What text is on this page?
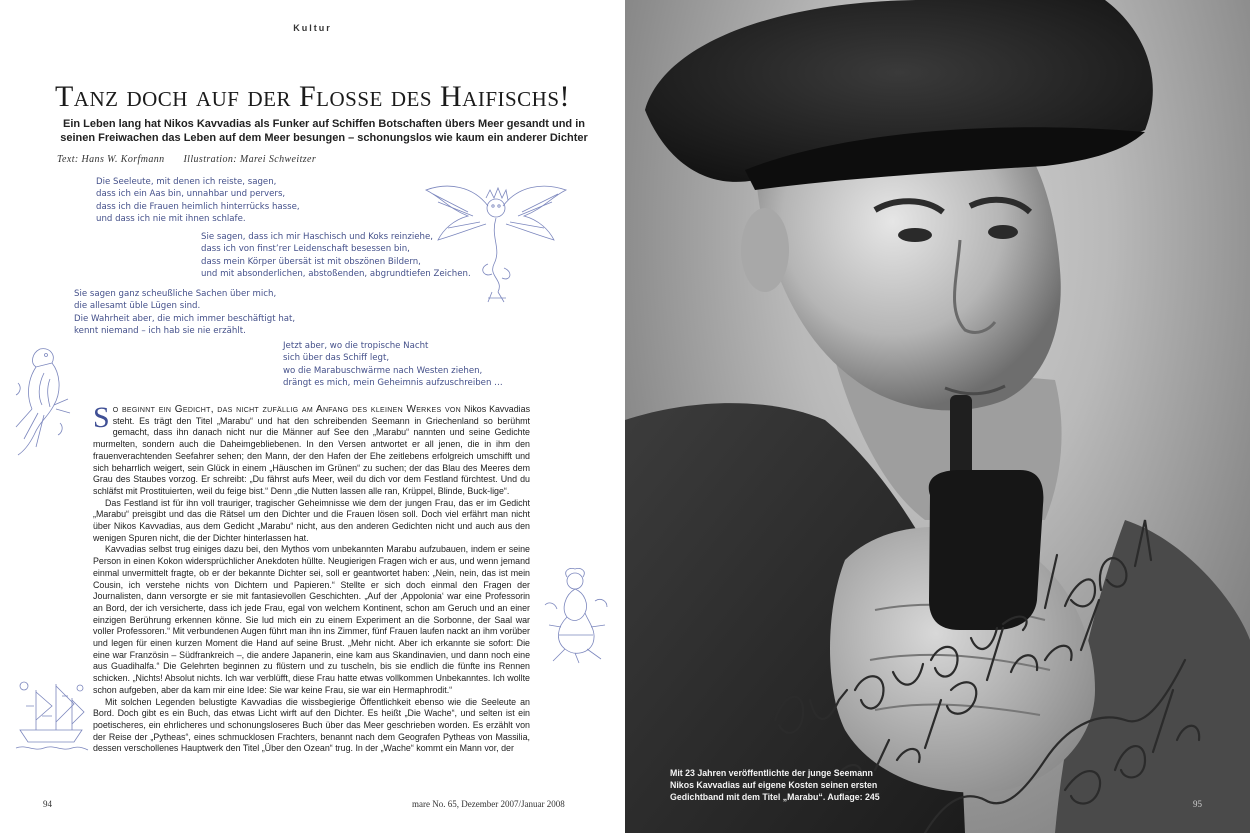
Kultur
Tanz doch auf der Flosse des Haifischs!
Ein Leben lang hat Nikos Kavvadias als Funker auf Schiffen Botschaften übers Meer gesandt und in
seinen Freiwachen das Leben auf dem Meer besungen – schonungslos wie kaum ein anderer Dichter
Text: Hans W. Korfmann Illustration: Marei Schweitzer
Die Seeleute, mit denen ich reiste, sagen,
dass ich ein Aas bin, unnahbar und pervers,
dass ich die Frauen heimlich hinterrücks hasse,
und dass ich nie mit ihnen schlafe.
Sie sagen, dass ich mir Haschisch und Koks reinziehe,
dass ich von finst’rer Leidenschaft besessen bin,
dass mein Körper übersät ist mit obszönen Bildern,
und mit absonderlichen, abstoßenden, abgrundtiefen Zeichen.
Sie sagen ganz scheußliche Sachen über mich,
die allesamt üble Lügen sind.
Die Wahrheit aber, die mich immer beschäftigt hat,
kennt niemand – ich hab sie nie erzählt.
Jetzt aber, wo die tropische Nacht
sich über das Schiff legt,
wo die Marabuschwärme nach Westen ziehen,
drängt es mich, mein Geheimnis aufzuschreiben …

S o beginnt ein Gedicht, das nicht zufällig am Anfang des kleinen Werkes von Nikos Kavvadias steht. Es trägt den Titel „Marabu“ und hat den schreibenden Seemann in Griechenland so berühmt gemacht, dass ihn danach nicht nur die Männer auf See den „Marabu“ nannten und seine Gedichte murmelten, sondern auch die Daheimgebliebenen. In den Versen antwortet er all jenen, die in ihm den frauenverachtenden Seefahrer sehen; den Mann, der den Hafen der Ehe zeitlebens erfolgreich umschifft und sich beharrlich weigert, sein Glück in einem „Häuschen im Grünen“ zu suchen; der das Blau des Meeres dem Grau des Staubes vorzog. Er schreibt: „Du fährst aufs Meer, weil du dich vor dem Festland fürchtest. Und du schläfst mit Prostituierten, weil du feige bist.“ Denn „die Nutten lassen alle ran, Krüppel, Blinde, Buck-lige“.

Das Festland ist für ihn voll trauriger, tragischer Geheimnisse wie dem der jungen Frau, das er im Gedicht „Marabu“ preisgibt und das die Rätsel um den Dichter und die Frauen lösen soll. Doch viel erfährt man nicht über Nikos Kavvadias, aus dem Gedicht „Marabu“ nicht, aus den anderen Gedichten nicht und auch aus den wenigen Spuren nicht, die der Dichter hinterlassen hat.

Kavvadias selbst trug einiges dazu bei, den Mythos vom unbekannten Marabu aufzubauen, indem er seine Person in einen Kokon widersprüchlicher Anekdoten hüllte. Neugierigen Fragen wich er aus, und wenn jemand einmal unvermittelt fragte, ob er der bekannte Dichter sei, soll er geantwortet haben: „Nein, nein, das ist mein Cousin, ich verstehe nichts von Dichtern und Papieren.“ Stellte er sich doch einmal den Fragen der Journalisten, dann versorgte er sie mit fantasievollen Geschichten. „Auf der ‚Appolonia‘ war eine Professorin an Bord, der ich versicherte, dass ich jede Frau, egal von welchem Kontinent, schon am Geruch und an einer einzigen Berührung erkennen könne. Sie lud mich ein zu einem Experiment an die Sorbonne, der Saal war voller Professoren.“ Mit verbundenen Augen führt man ihn ins Zimmer, fünf Frauen laufen nackt an ihm vorüber und legen für einen kurzen Moment die Hand auf seine Brust. „Mehr nicht. Aber ich erkannte sie sofort: Die eine war Französin – Südfrankreich –, die andere Japanerin, eine kam aus Skandinavien, und dann noch eine aus Guadihalfa.“ Die Gelehrten beginnen zu flüstern und zu tuscheln, bis sie endlich die fünfte ins Rennen schicken. „Nichts! Absolut nichts. Ich war verblüfft, diese Frau hatte etwas vollkommen Unbekanntes. Ich wollte schon aufgeben, aber da kam mir eine Idee: Sie war keine Frau, sie war ein Hermaphrodit.“

Mit solchen Legenden belustigte Kavvadias die wissbegierige Öffentlichkeit ebenso wie die Seeleute an Bord. Doch gibt es ein Buch, das etwas Licht wirft auf den Dichter. Es heißt „Die Wache“, und selten ist ein poetischeres, ein ehrlicheres und schonungsloseres Buch über das Meer geschrieben worden. Es erzählt von der Reise der „Pytheas“, eines schmucklosen Frachters, benannt nach dem Geografen Pytheas von Massilia, dessen verschollenes Hauptwerk den Titel „Über den Ozean“ trug. In der „Wache“ kommt ein Mann vor, der

94	mare No. 65, Dezember 2007/Januar 2008
Mit 23 Jahren veröffentlichte der junge Seemann
Nikos Kavvadias auf eigene Kosten seinen ersten
Gedichtband mit dem Titel „Marabu“. Auflage: 245
95
